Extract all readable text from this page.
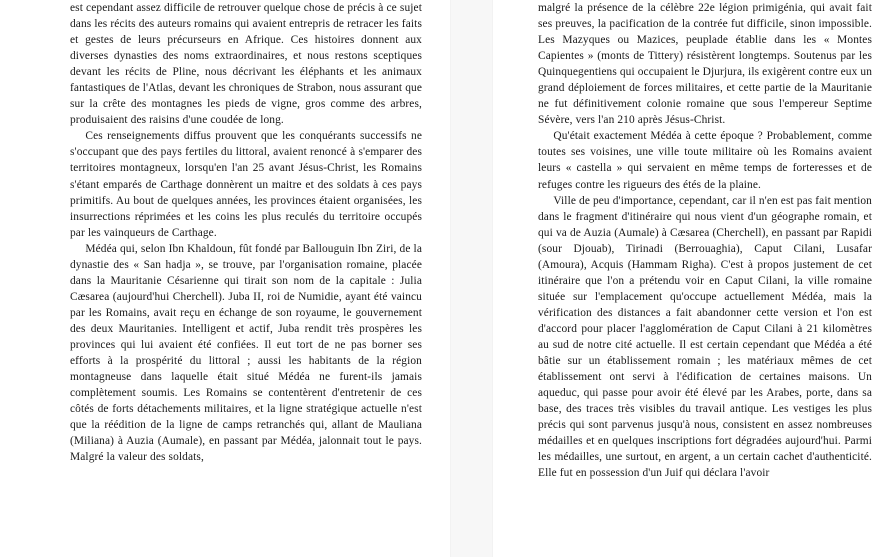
est cependant assez difficile de retrouver quelque chose de précis à ce sujet dans les récits des auteurs romains qui avaient entrepris de retracer les faits et gestes de leurs précurseurs en Afrique. Ces histoires donnent aux diverses dynasties des noms extraordinaires, et nous restons sceptiques devant les récits de Pline, nous décrivant les éléphants et les animaux fantastiques de l'Atlas, devant les chroniques de Strabon, nous assurant que sur la crête des montagnes les pieds de vigne, gros comme des arbres, produisaient des raisins d'une coudée de long.

Ces renseignements diffus prouvent que les conquérants successifs ne s'occupant que des pays fertiles du littoral, avaient renoncé à s'emparer des territoires montagneux, lorsqu'en l'an 25 avant Jésus-Christ, les Romains s'étant emparés de Carthage donnèrent un maitre et des soldats à ces pays primitifs. Au bout de quelques années, les provinces étaient organisées, les insurrections réprimées et les coins les plus reculés du territoire occupés par les vainqueurs de Carthage.

Médéa qui, selon Ibn Khaldoun, fût fondé par Ballouguin Ibn Ziri, de la dynastie des « San hadja », se trouve, par l'organisation romaine, placée dans la Mauritanie Césarienne qui tirait son nom de la capitale : Julia Cæsarea (aujourd'hui Cherchell). Juba II, roi de Numidie, ayant été vaincu par les Romains, avait reçu en échange de son royaume, le gouvernement des deux Mauritanies. Intelligent et actif, Juba rendit très prospères les provinces qui lui avaient été confiées. Il eut tort de ne pas borner ses efforts à la prospérité du littoral ; aussi les habitants de la région montagneuse dans laquelle était situé Médéa ne furent-ils jamais complètement soumis. Les Romains se contentèrent d'entretenir de ces côtés de forts détachements militaires, et la ligne stratégique actuelle n'est que la réédition de la ligne de camps retranchés qui, allant de Mauliana (Miliana) à Auzia (Aumale), en passant par Médéa, jalonnait tout le pays. Malgré la valeur des soldats,

malgré la présence de la célèbre 22e légion primigénia, qui avait fait ses preuves, la pacification de la contrée fut difficile, sinon impossible. Les Mazyques ou Mazices, peuplade établie dans les « Montes Capientes » (monts de Tittery) résistèrent longtemps. Soutenus par les Quinquegentiens qui occupaient le Djurjura, ils exigèrent contre eux un grand déploiement de forces militaires, et cette partie de la Mauritanie ne fut définitivement colonie romaine que sous l'empereur Septime Sévère, vers l'an 210 après Jésus-Christ.

Qu'était exactement Médéa à cette époque ? Probablement, comme toutes ses voisines, une ville toute militaire où les Romains avaient leurs « castella » qui servaient en même temps de forteresses et de refuges contre les rigueurs des étés de la plaine.

Ville de peu d'importance, cependant, car il n'en est pas fait mention dans le fragment d'itinéraire qui nous vient d'un géographe romain, et qui va de Auzia (Aumale) à Cæsarea (Cherchell), en passant par Rapidi (sour Djouab), Tirinadi (Berrouaghia), Caput Cilani, Lusafar (Amoura), Acquis (Hammam Righa). C'est à propos justement de cet itinéraire que l'on a prétendu voir en Caput Cilani, la ville romaine située sur l'emplacement qu'occupe actuellement Médéa, mais la vérification des distances a fait abandonner cette version et l'on est d'accord pour placer l'agglomération de Caput Cilani à 21 kilomètres au sud de notre cité actuelle. Il est certain cependant que Médéa a été bâtie sur un établissement romain ; les matériaux mêmes de cet établissement ont servi à l'édification de certaines maisons. Un aqueduc, qui passe pour avoir été élevé par les Arabes, porte, dans sa base, des traces très visibles du travail antique. Les vestiges les plus précis qui sont parvenus jusqu'à nous, consistent en assez nombreuses médailles et en quelques inscriptions fort dégradées aujourd'hui. Parmi les médailles, une surtout, en argent, a un certain cachet d'authenticité. Elle fut en possession d'un Juif qui déclara l'avoir
